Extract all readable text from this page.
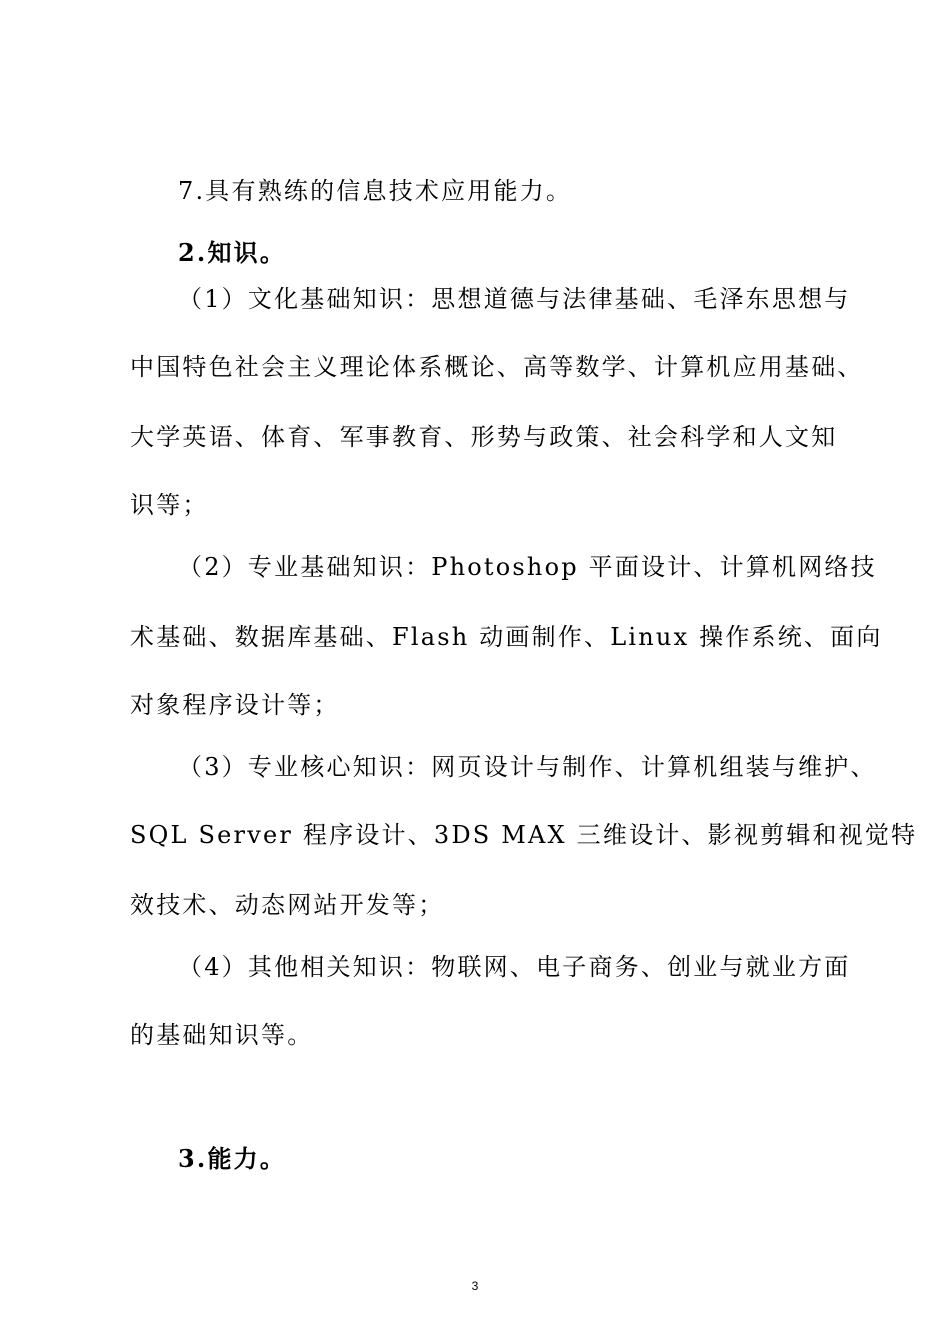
7.具有熟练的信息技术应用能力。

2.知识。

（1）文化基础知识：思想道德与法律基础、毛泽东思想与

中国特色社会主义理论体系概论、高等数学、计算机应用基础、

大学英语、体育、军事教育、形势与政策、社会科学和人文知

识等；

（2）专业基础知识：Photoshop 平面设计、计算机网络技

术基础、数据库基础、Flash 动画制作、Linux 操作系统、面向

对象程序设计等；

（3）专业核心知识：网页设计与制作、计算机组装与维护、

SQL Server 程序设计、3DS MAX 三维设计、影视剪辑和视觉特

效技术、动态网站开发等；

（4）其他相关知识：物联网、电子商务、创业与就业方面

的基础知识等。

3.能力。

3
